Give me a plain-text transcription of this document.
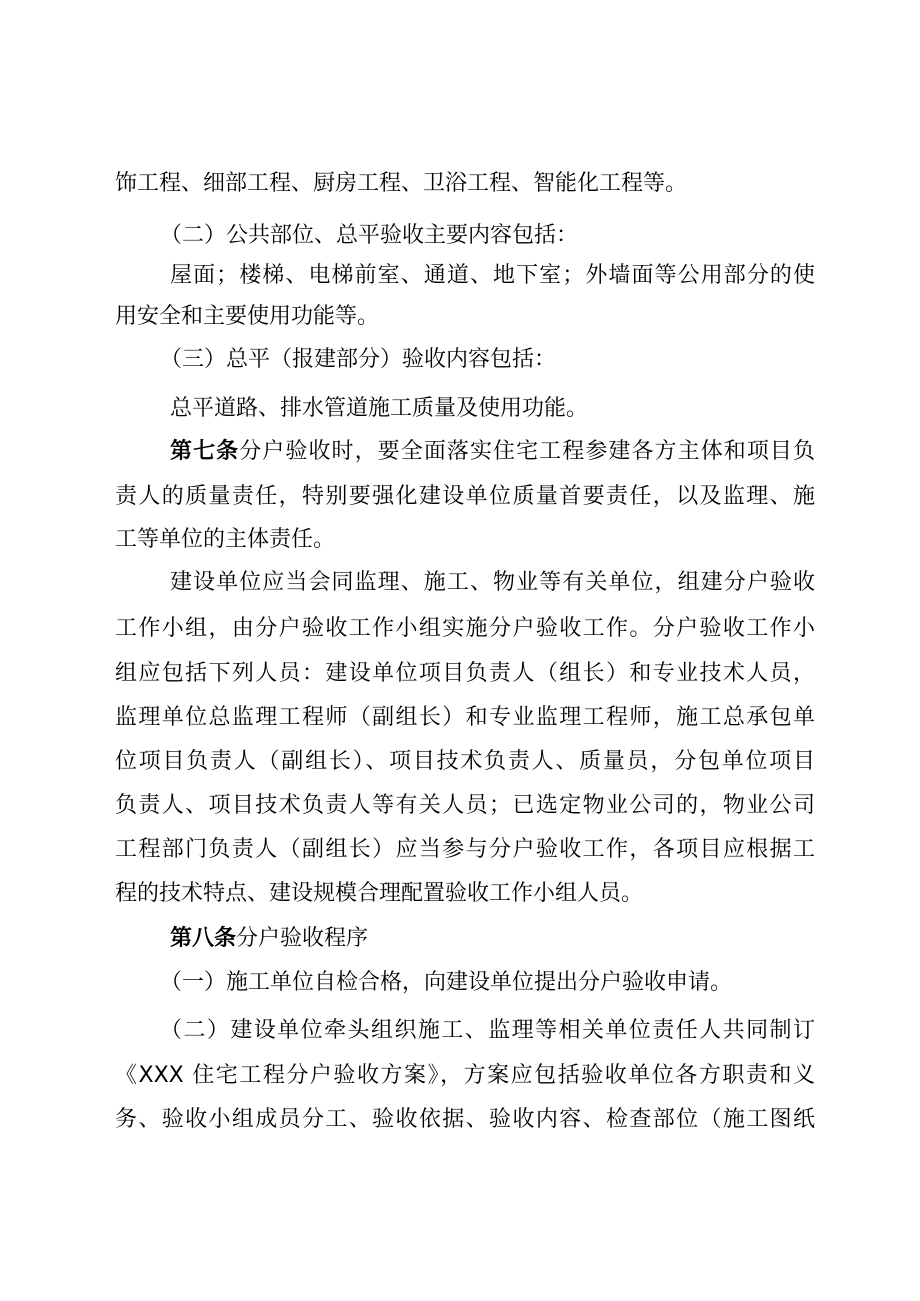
饰工程、细部工程、厨房工程、卫浴工程、智能化工程等。
（二）公共部位、总平验收主要内容包括：
屋面；楼梯、电梯前室、通道、地下室；外墙面等公用部分的使
用安全和主要使用功能等。
（三）总平（报建部分）验收内容包括：
总平道路、排水管道施工质量及使用功能。
第七条分户验收时，要全面落实住宅工程参建各方主体和项目负
责人的质量责任，特别要强化建设单位质量首要责任，以及监理、施
工等单位的主体责任。
建设单位应当会同监理、施工、物业等有关单位，组建分户验收
工作小组，由分户验收工作小组实施分户验收工作。分户验收工作小
组应包括下列人员：建设单位项目负责人（组长）和专业技术人员，
监理单位总监理工程师（副组长）和专业监理工程师，施工总承包单
位项目负责人（副组长）、项目技术负责人、质量员，分包单位项目
负责人、项目技术负责人等有关人员；已选定物业公司的，物业公司
工程部门负责人（副组长）应当参与分户验收工作，各项目应根据工
程的技术特点、建设规模合理配置验收工作小组人员。
第八条分户验收程序
（一）施工单位自检合格，向建设单位提出分户验收申请。
（二）建设单位牵头组织施工、监理等相关单位责任人共同制订
《XXX 住宅工程分户验收方案》，方案应包括验收单位各方职责和义
务、验收小组成员分工、验收依据、验收内容、检查部位（施工图纸
